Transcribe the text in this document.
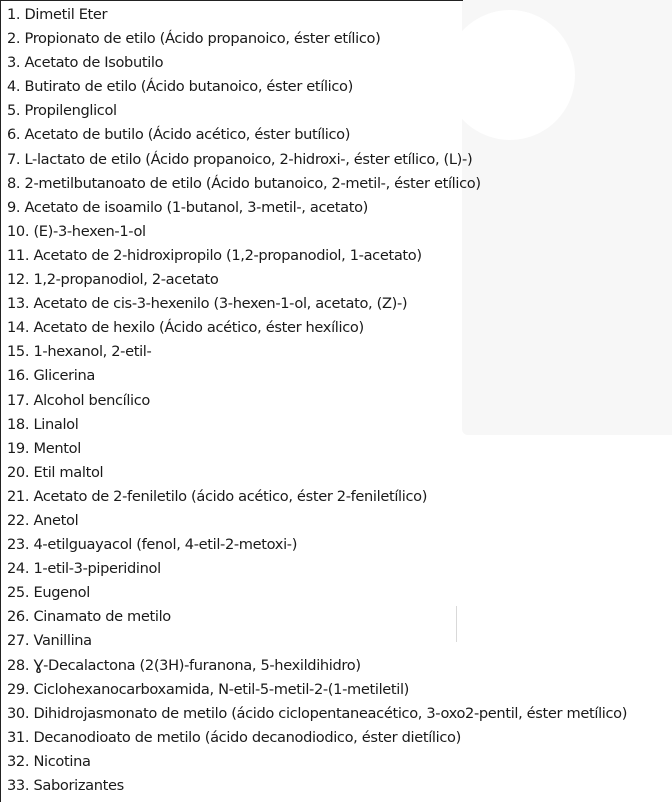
1. Dimetil Eter
2. Propionato de etilo (Ácido propanoico, éster etílico)
3. Acetato de Isobutilo
4. Butirato de etilo (Ácido butanoico, éster etílico)
5. Propilenglicol
6. Acetato de butilo (Ácido acético, éster butílico)
7. L-lactato de etilo (Ácido propanoico, 2-hidroxi-, éster etílico, (L)-)
8. 2-metilbutanoato de etilo (Ácido butanoico, 2-metil-, éster etílico)
9. Acetato de isoamilo (1-butanol, 3-metil-, acetato)
10. (E)-3-hexen-1-ol
11. Acetato de 2-hidroxipropilo (1,2-propanodiol, 1-acetato)
12. 1,2-propanodiol, 2-acetato
13. Acetato de cis-3-hexenilo (3-hexen-1-ol, acetato, (Z)-)
14. Acetato de hexilo (Ácido acético, éster hexílico)
15. 1-hexanol, 2-etil-
16. Glicerina
17. Alcohol bencílico
18. Linalol
19. Mentol
20. Etil maltol
21. Acetato de 2-feniletilo (ácido acético, éster 2-feniletílico)
22. Anetol
23. 4-etilguayacol (fenol, 4-etil-2-metoxi-)
24. 1-etil-3-piperidinol
25. Eugenol
26. Cinamato de metilo
27. Vanillina
28. Ɣ-Decalactona (2(3H)-furanona, 5-hexildihidro)
29. Ciclohexanocarboxamida, N-etil-5-metil-2-(1-metiletil)
30. Dihidrojasmonato de metilo (ácido ciclopentaneacético, 3-oxo2-pentil, éster metílico)
31. Decanodioato de metilo (ácido decanodiodico, éster dietílico)
32. Nicotina
33. Saborizantes
